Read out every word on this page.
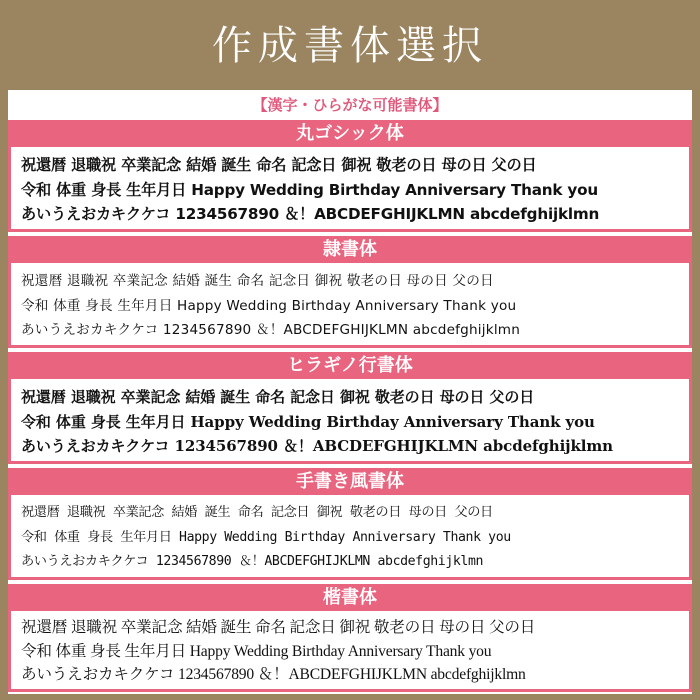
作成書体選択
【漢字・ひらがな可能書体】
丸ゴシック体
祝還暦 退職祝 卒業記念 結婚 誕生 命名 記念日 御祝 敬老の日 母の日 父の日
令和 体重 身長 生年月日 Happy Wedding Birthday Anniversary Thank you
あいうえおカキクケコ 1234567890 ＆！ABCDEFGHIJKLMN abcdefghijklmn
隷書体
祝還暦 退職祝 卒業記念 結婚 誕生 命名 記念日 御祝 敬老の日 母の日 父の日
令和 体重 身長 生年月日 Happy Wedding Birthday Anniversary Thank you
あいうえおカキクケコ 1234567890 ＆！ABCDEFGHIJKLMN abcdefghijklmn
ヒラギノ行書体
祝還暦 退職祝 卒業記念 結婚 誕生 命名 記念日 御祝 敬老の日 母の日 父の日
令和 体重 身長 生年月日 Happy Wedding Birthday Anniversary Thank you
あいうえおカキクケコ 1234567890 ＆！ABCDEFGHIJKLMN abcdefghijklmn
手書き風書体
祝還暦 退職祝 卒業記念 結婚 誕生 命名 記念日 御祝 敬老の日 母の日 父の日
令和 体重 身長 生年月日 Happy Wedding Birthday Anniversary Thank you
あいうえおカキクケコ 1234567890 ＆！ABCDEFGHIJKLMN abcdefghijklmn
楷書体
祝還暦 退職祝 卒業記念 結婚 誕生 命名 記念日 御祝 敬老の日 母の日 父の日
令和 体重 身長 生年月日 Happy Wedding Birthday Anniversary Thank you
あいうえおカキクケコ 1234567890 ＆！ABCDEFGHIJKLMN abcdefghijklmn
